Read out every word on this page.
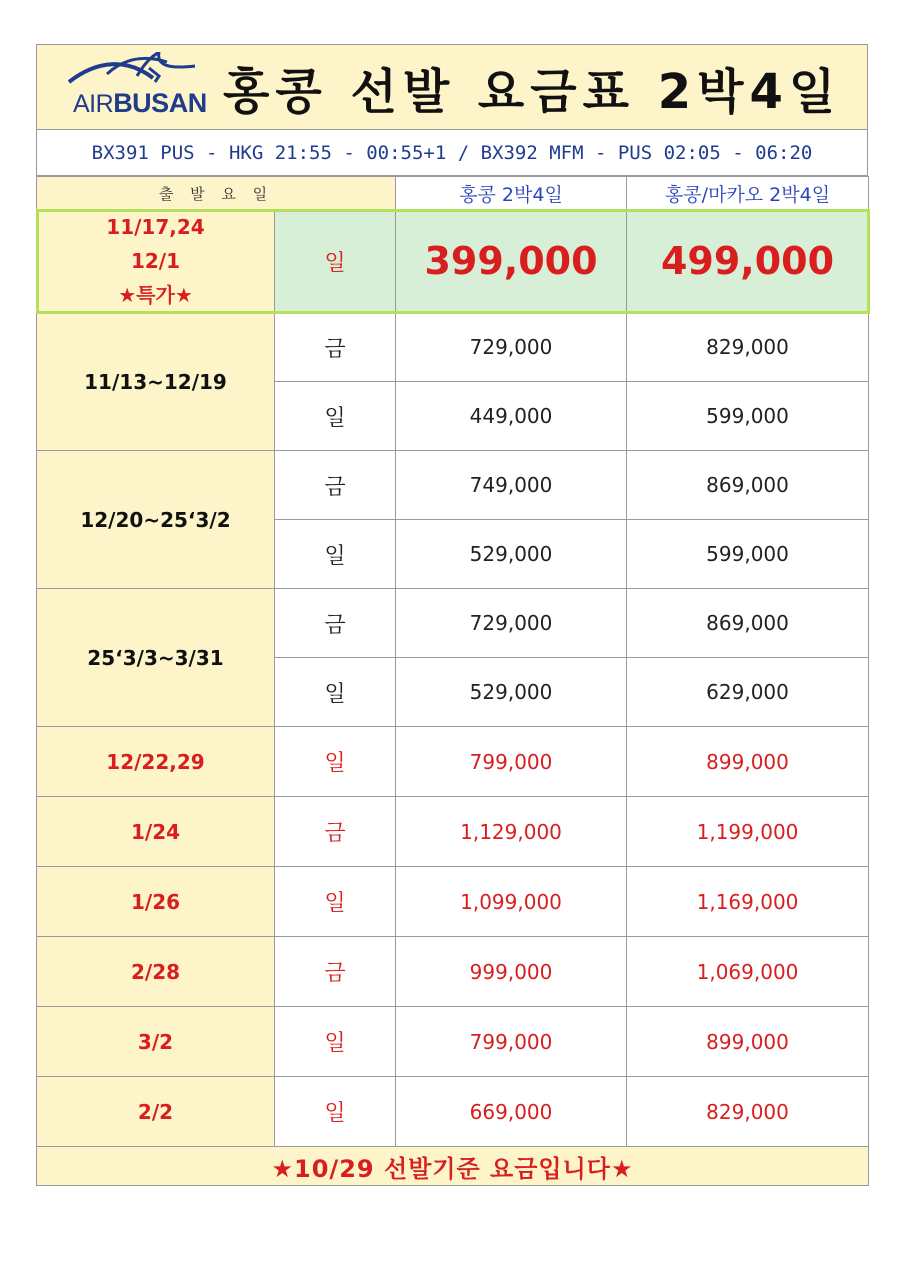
AIRBUSAN 홍콩 선발 요금표 2박4일
BX391 PUS - HKG 21:55 - 00:55+1 / BX392 MFM - PUS 02:05 - 06:20
출 발 요 일		홍콩 2박4일	홍콩/마카오 2박4일

11/17,24
12/1
★특가★	일	399,000	499,000
11/13~12/19	금	729,000	829,000
	일	449,000	599,000
12/20~25‘3/2	금	749,000	869,000
	일	529,000	599,000
25‘3/3~3/31	금	729,000	869,000
	일	529,000	629,000
12/22,29	일	799,000	899,000
1/24	금	1,129,000	1,199,000
1/26	일	1,099,000	1,169,000
2/28	금	999,000	1,069,000
3/2	일	799,000	899,000
2/2	일	669,000	829,000
★10/29 선발기준 요금입니다★			
